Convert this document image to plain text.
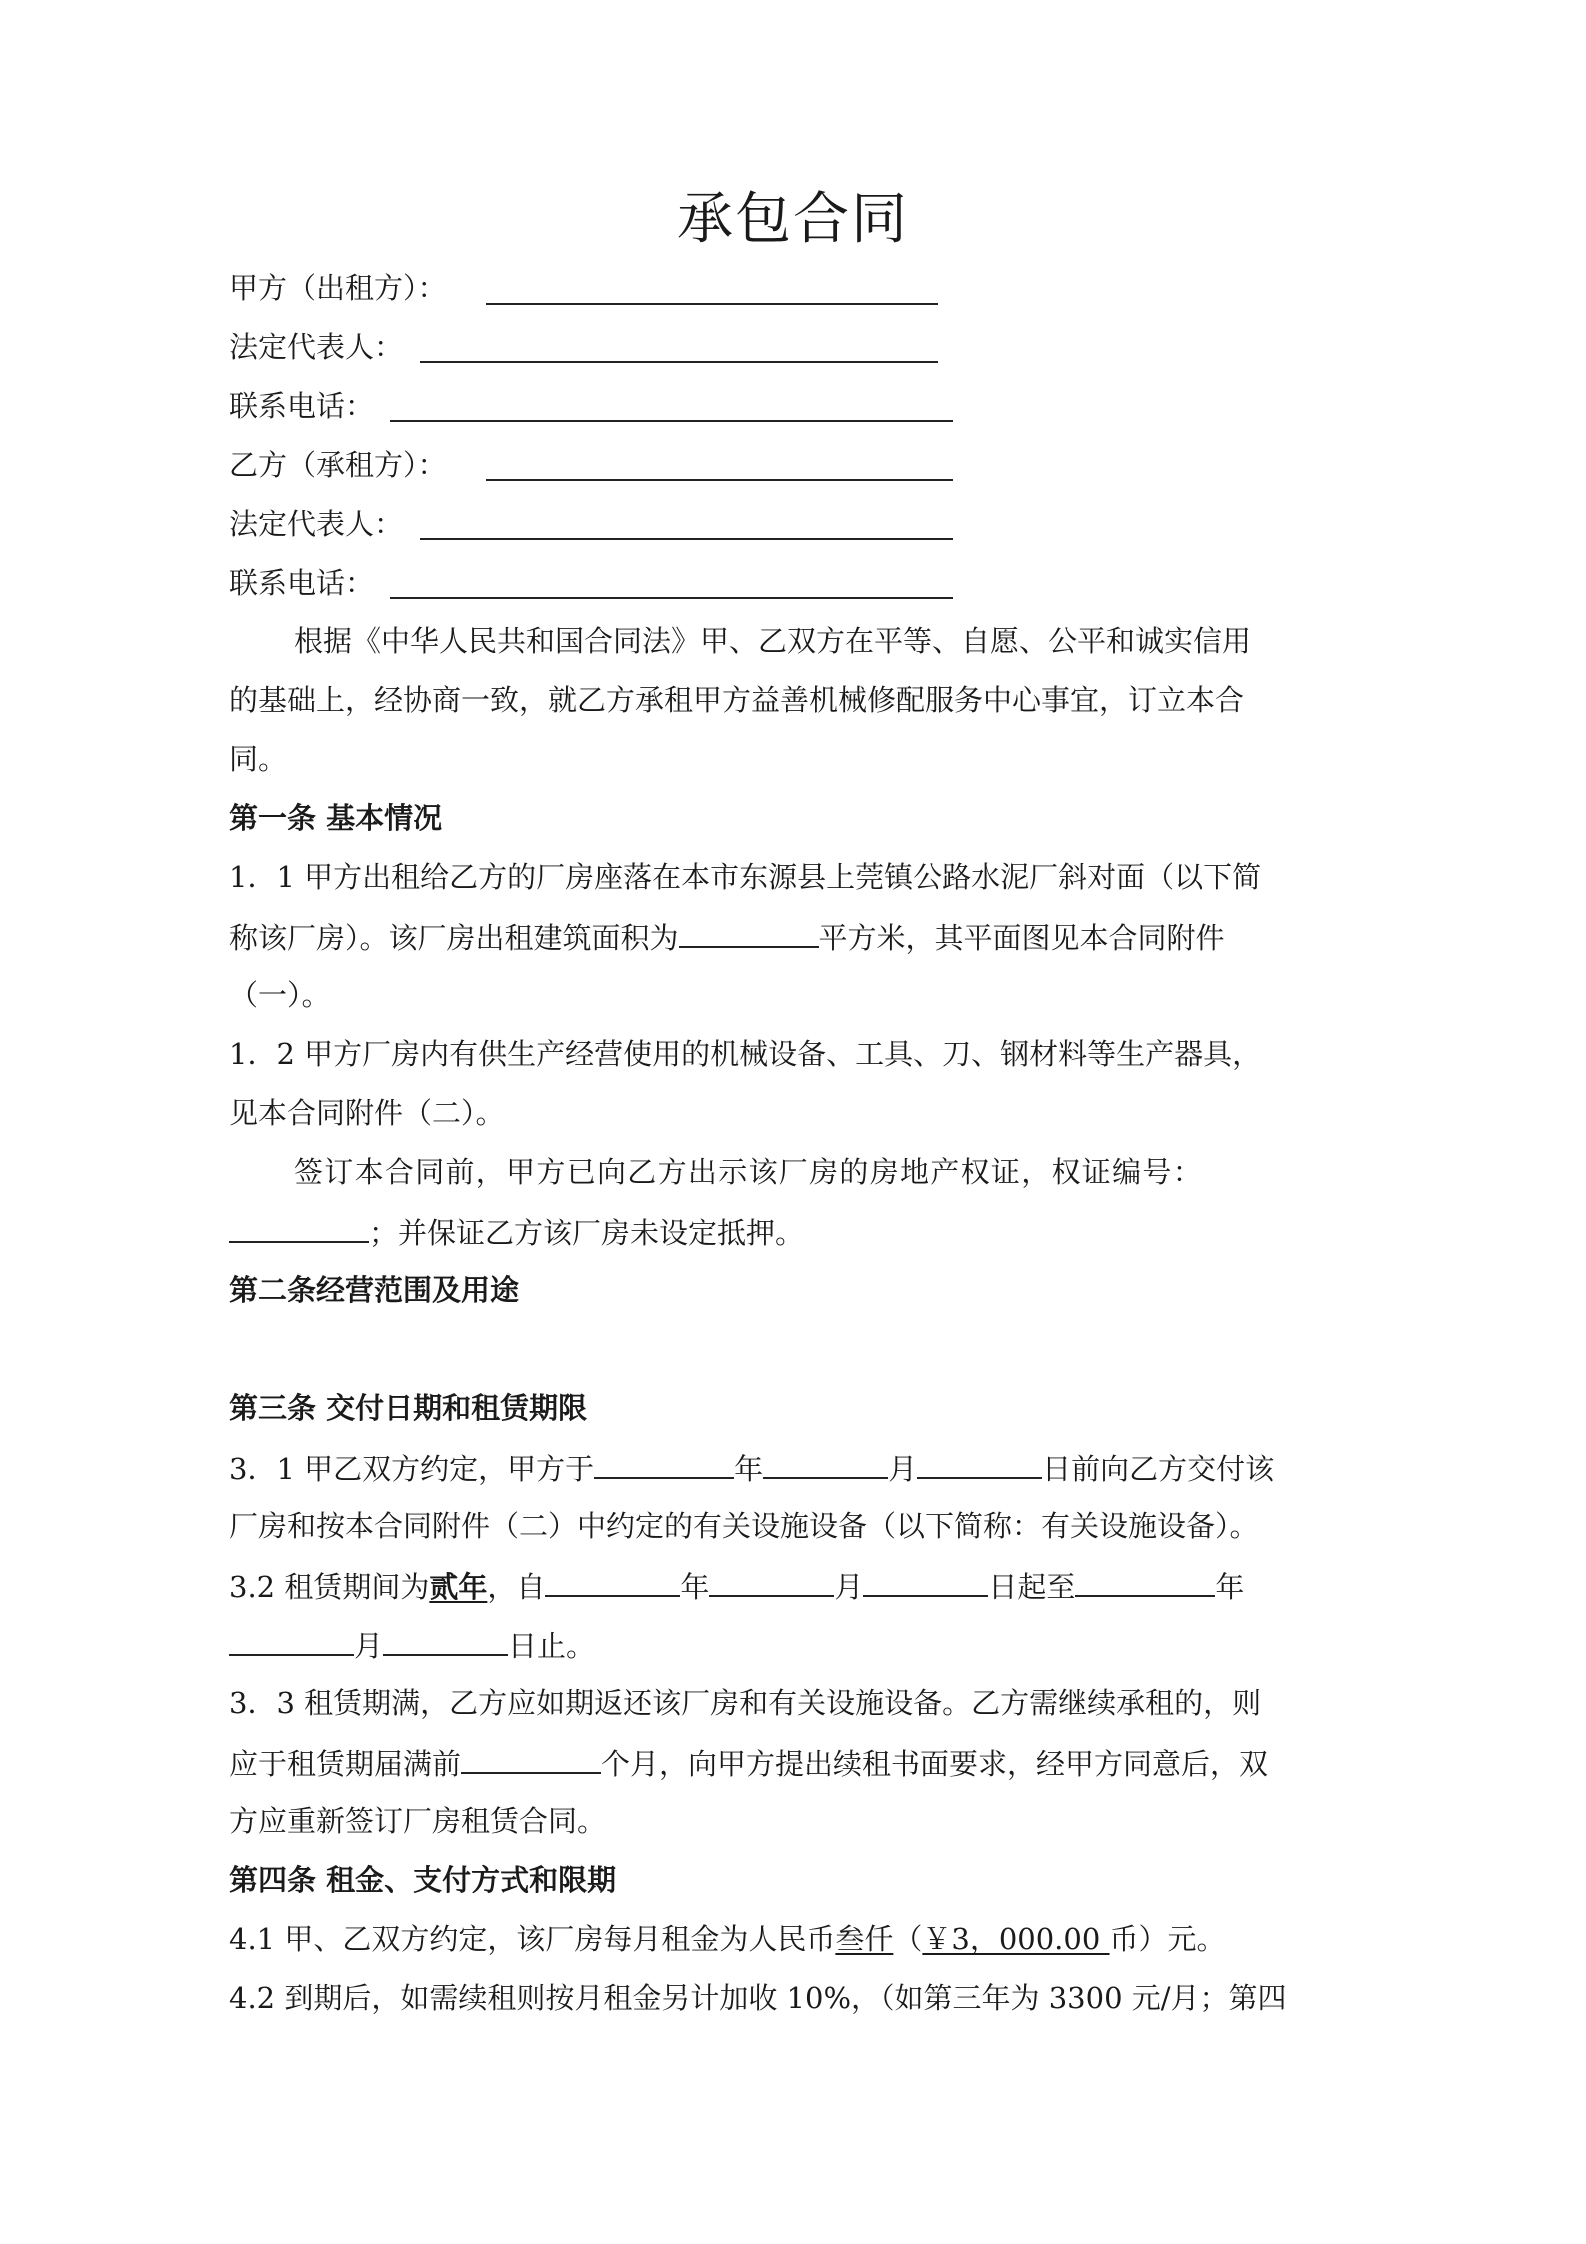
承包合同
甲方（出租方）：
法定代表人：
联系电话：
乙方（承租方）：
法定代表人：
联系电话：
根据《中华人民共和国合同法》甲、乙双方在平等、自愿、公平和诚实信用
的基础上，经协商一致，就乙方承租甲方益善机械修配服务中心事宜，订立本合
同。
第一条 基本情况
1．1 甲方出租给乙方的厂房座落在本市东源县上莞镇公路水泥厂斜对面（以下简
称该厂房）。该厂房出租建筑面积为	平方米，其平面图见本合同附件
（一）。
1．2 甲方厂房内有供生产经营使用的机械设备、工具、刀、钢材料等生产器具，
见本合同附件（二）。
签订本合同前，甲方已向乙方出示该厂房的房地产权证，权证编号：
；并保证乙方该厂房未设定抵押。
第二条经营范围及用途
第三条 交付日期和租赁期限
3．1 甲乙双方约定，甲方于	年	月	日前向乙方交付该
厂房和按本合同附件（二）中约定的有关设施设备（以下简称：有关设施设备）。
3.2 租赁期间为贰年，自	年	月	日起至	年
月	日止。
3．3 租赁期满，乙方应如期返还该厂房和有关设施设备。乙方需继续承租的，则
应于租赁期届满前	个月，向甲方提出续租书面要求，经甲方同意后，双
方应重新签订厂房租赁合同。
第四条 租金、支付方式和限期
4.1 甲、乙双方约定，该厂房每月租金为人民币叁仟（￥3，000.00 币）元。
4.2 到期后，如需续租则按月租金另计加收 10%，（如第三年为 3300 元/月；第四
